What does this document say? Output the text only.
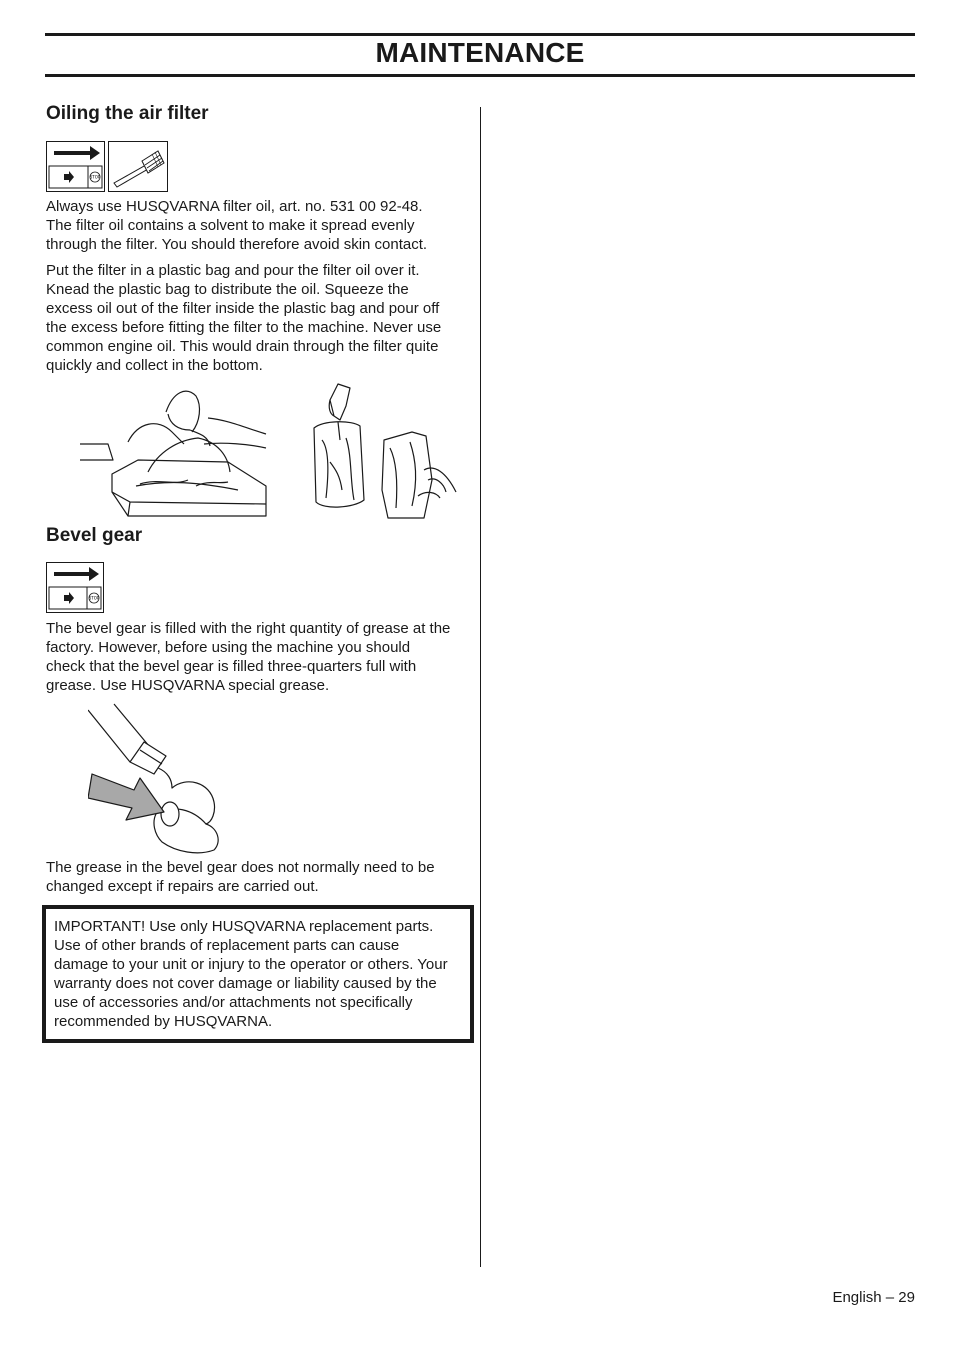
MAINTENANCE
Oiling the air filter
STOP

Always use HUSQVARNA filter oil, art. no. 531 00 92-48.
The filter oil contains a solvent to make it spread evenly
through the filter. You should therefore avoid skin contact.

Put the filter in a plastic bag and pour the filter oil over it.
Knead the plastic bag to distribute the oil. Squeeze the
excess oil out of the filter inside the plastic bag and pour off
the excess before fitting the filter to the machine. Never use
common engine oil. This would drain through the filter quite
quickly and collect in the bottom.

Bevel gear
STOP

The bevel gear is filled with the right quantity of grease at the
factory. However, before using the machine you should
check that the bevel gear is filled three-quarters full with
grease. Use HUSQVARNA special grease.

The grease in the bevel gear does not normally need to be
changed except if repairs are carried out.

IMPORTANT! Use only HUSQVARNA replacement parts.
Use of other brands of replacement parts can cause
damage to your unit or injury to the operator or others. Your
warranty does not cover damage or liability caused by the
use of accessories and/or attachments not specifically
recommended by HUSQVARNA.

English – 29
